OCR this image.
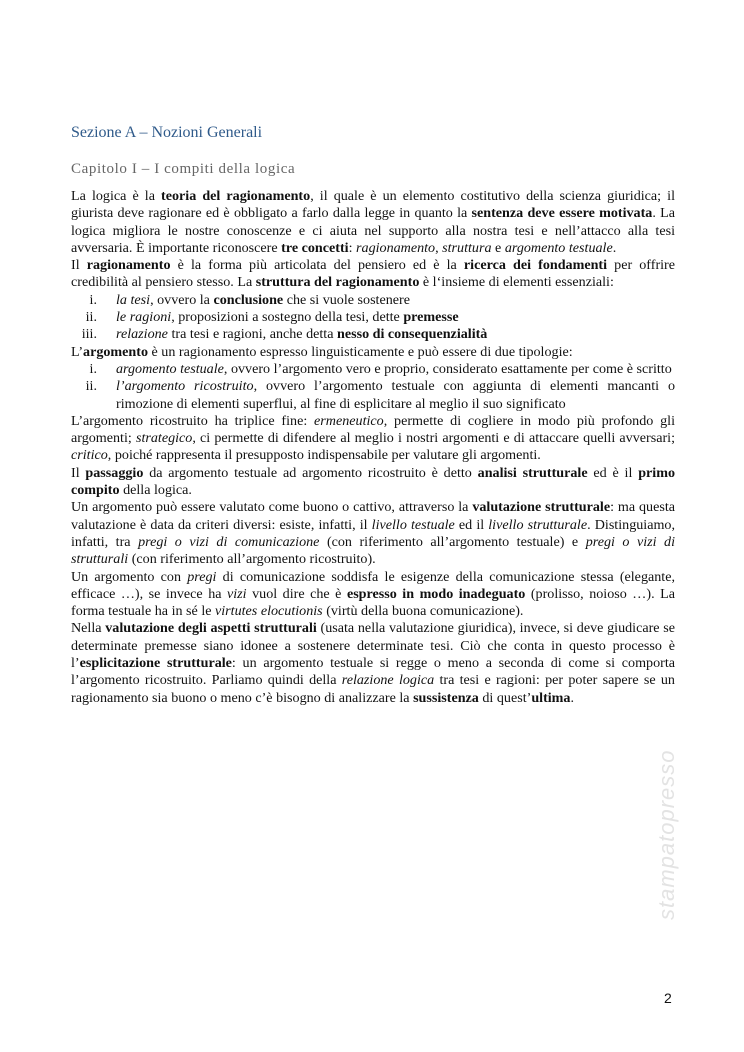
Sezione A – Nozioni Generali
Capitolo I – I compiti della logica

La logica è la teoria del ragionamento, il quale è un elemento costitutivo della scienza giuridica; il giurista deve ragionare ed è obbligato a farlo dalla legge in quanto la sentenza deve essere motivata. La logica migliora le nostre conoscenze e ci aiuta nel supporto alla nostra tesi e nell’attacco alla tesi avversaria. È importante riconoscere tre concetti: ragionamento, struttura e argomento testuale.

Il ragionamento è la forma più articolata del pensiero ed è la ricerca dei fondamenti per offrire credibilità al pensiero stesso. La struttura del ragionamento è l‘insieme di elementi essenziali:

i. la tesi, ovvero la conclusione che si vuole sostenere
ii. le ragioni, proposizioni a sostegno della tesi, dette premesse
iii. relazione tra tesi e ragioni, anche detta nesso di consequenzialità

L’argomento è un ragionamento espresso linguisticamente e può essere di due tipologie:

i. argomento testuale, ovvero l’argomento vero e proprio, considerato esattamente per come è scritto
ii. l’argomento ricostruito, ovvero l’argomento testuale con aggiunta di elementi mancanti o rimozione di elementi superflui, al fine di esplicitare al meglio il suo significato

L’argomento ricostruito ha triplice fine: ermeneutico, permette di cogliere in modo più profondo gli argomenti; strategico, ci permette di difendere al meglio i nostri argomenti e di attaccare quelli avversari; critico, poiché rappresenta il presupposto indispensabile per valutare gli argomenti.

Il passaggio da argomento testuale ad argomento ricostruito è detto analisi strutturale ed è il primo compito della logica.

Un argomento può essere valutato come buono o cattivo, attraverso la valutazione strutturale: ma questa valutazione è data da criteri diversi: esiste, infatti, il livello testuale ed il livello strutturale. Distinguiamo, infatti, tra pregi o vizi di comunicazione (con riferimento all’argomento testuale) e pregi o vizi di strutturali (con riferimento all’argomento ricostruito).

Un argomento con pregi di comunicazione soddisfa le esigenze della comunicazione stessa (elegante, efficace …), se invece ha vizi vuol dire che è espresso in modo inadeguato (prolisso, noioso …). La forma testuale ha in sé le virtutes elocutionis (virtù della buona comunicazione).

Nella valutazione degli aspetti strutturali (usata nella valutazione giuridica), invece, si deve giudicare se determinate premesse siano idonee a sostenere determinate tesi. Ciò che conta in questo processo è l’esplicitazione strutturale: un argomento testuale si regge o meno a seconda di come si comporta l’argomento ricostruito. Parliamo quindi della relazione logica tra tesi e ragioni: per poter sapere se un ragionamento sia buono o meno c’è bisogno di analizzare la sussistenza di quest’ultima.

stampatopresso
2
